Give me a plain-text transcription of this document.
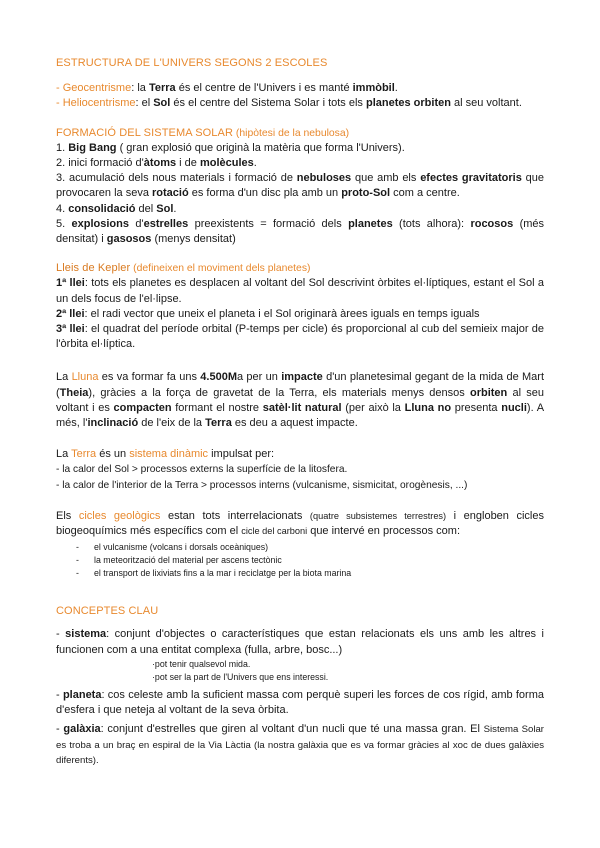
ESTRUCTURA DE L'UNIVERS SEGONS 2 ESCOLES

- Geocentrisme: la Terra és el centre de l'Univers i es manté immòbil.

- Heliocentrisme: el Sol és el centre del Sistema Solar i tots els planetes orbiten al seu voltant.

FORMACIÓ DEL SISTEMA SOLAR (hipòtesi de la nebulosa)

1. Big Bang ( gran explosió que originà la matèria que forma l'Univers).

2. inici formació d'àtoms i de molècules.

3. acumulació dels nous materials i formació de nebuloses que amb els efectes gravitatoris que provocaren la seva rotació es forma d'un disc pla amb un proto-Sol com a centre.

4. consolidació del Sol.

5. explosions d'estrelles preexistents = formació dels planetes (tots alhora): rocosos (més densitat) i gasosos (menys densitat)

Lleis de Kepler (defineixen el moviment dels planetes)

1ª llei: tots els planetes es desplacen al voltant del Sol descrivint òrbites el·líptiques, estant el Sol a un dels focus de l'el·lipse.

2ª llei: el radi vector que uneix el planeta i el Sol originarà àrees iguals en temps iguals

3ª llei: el quadrat del període orbital (P-temps per cicle) és proporcional al cub del semieix major de l'òrbita el·líptica.

La Lluna es va formar fa uns 4.500Ma per un impacte d'un planetesimal gegant de la mida de Mart (Theia), gràcies a la força de gravetat de la Terra, els materials menys densos orbiten al seu voltant i es compacten formant el nostre satèl·lit natural (per això la Lluna no presenta nucli). A més, l'inclinació de l'eix de la Terra es deu a aquest impacte.

La Terra és un sistema dinàmic impulsat per:

- la calor del Sol > processos externs la superfície de la litosfera.

- la calor de l'interior de la Terra > processos interns (vulcanisme, sismicitat, orogènesis, ...)

Els cicles geològics estan tots interrelacionats (quatre subsistemes terrestres) i engloben cicles biogeoquímics més específics com el cicle del carboni que intervé en processos com:

- el vulcanisme (volcans i dorsals oceàniques)
- la meteorització del material per ascens tectònic
- el transport de lixiviats fins a la mar i reciclatge per la biota marina

CONCEPTES CLAU

- sistema: conjunt d'objectes o característiques que estan relacionats els uns amb les altres i funcionen com a una entitat complexa (fulla, arbre, bosc...)

·pot tenir qualsevol mida.

·pot ser la part de l'Univers que ens interessi.

- planeta: cos celeste amb la suficient massa com perquè superi les forces de cos rígid, amb forma d'esfera i que neteja al voltant de la seva òrbita.

- galàxia: conjunt d'estrelles que giren al voltant d'un nucli que té una massa gran. El Sistema Solar es troba a un braç en espiral de la Via Làctia (la nostra galàxia que es va formar gràcies al xoc de dues galàxies diferents).
